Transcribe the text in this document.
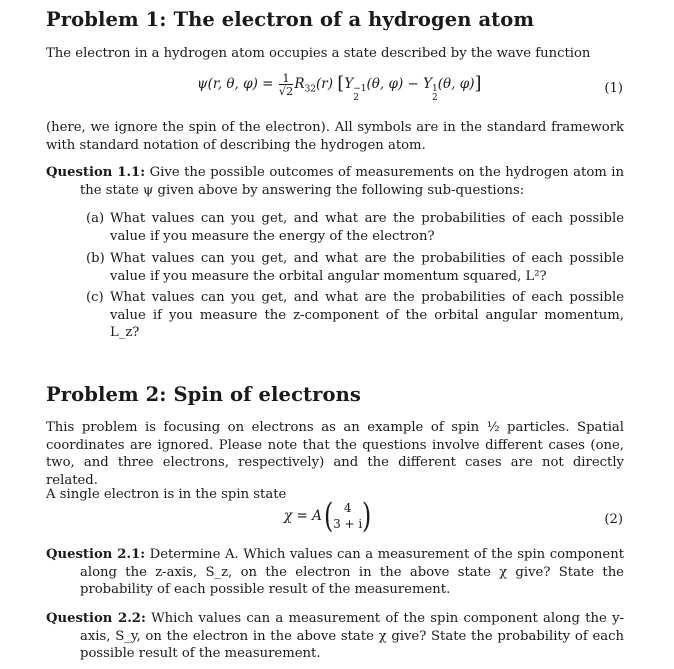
Problem 1: The electron of a hydrogen atom
The electron in a hydrogen atom occupies a state described by the wave function
ψ(r, θ, $\varphi) = \frac{1}{√2} R_{32}(r)$ [Y −1
2
(θ, φ) − Y 1
2
(θ, φ)]	(1)
(here, we ignore the spin of the electron). All symbols are in the standard framework with standard notation of describing the hydrogen atom.
Question 1.1: Give the possible outcomes of measurements on the hydrogen atom in the state ψ given above by answering the following sub-questions:
(a) What values can you get, and what are the probabilities of each possible value if you measure the energy of the electron?
(b) What values can you get, and what are the probabilities of each possible value if you measure the orbital angular momentum squared, L²?
(c) What values can you get, and what are the probabilities of each possible value if you measure the z-component of the orbital angular momentum, L_z?
Problem 2: Spin of electrons
This problem is focusing on electrons as an example of spin ½ particles. Spatial coordinates are ignored. Please note that the questions involve different cases (one, two, and three electrons, respectively) and the different cases are not directly related.
A single electron is in the spin state
χ = A( 4
3 + i )	(2)
Question 2.1: Determine A. Which values can a measurement of the spin component along the z-axis, S_z, on the electron in the above state χ give? State the probability of each possible result of the measurement.
Question 2.2: Which values can a measurement of the spin component along the y-axis, S_y, on the electron in the above state χ give? State the probability of each possible result of the measurement.
